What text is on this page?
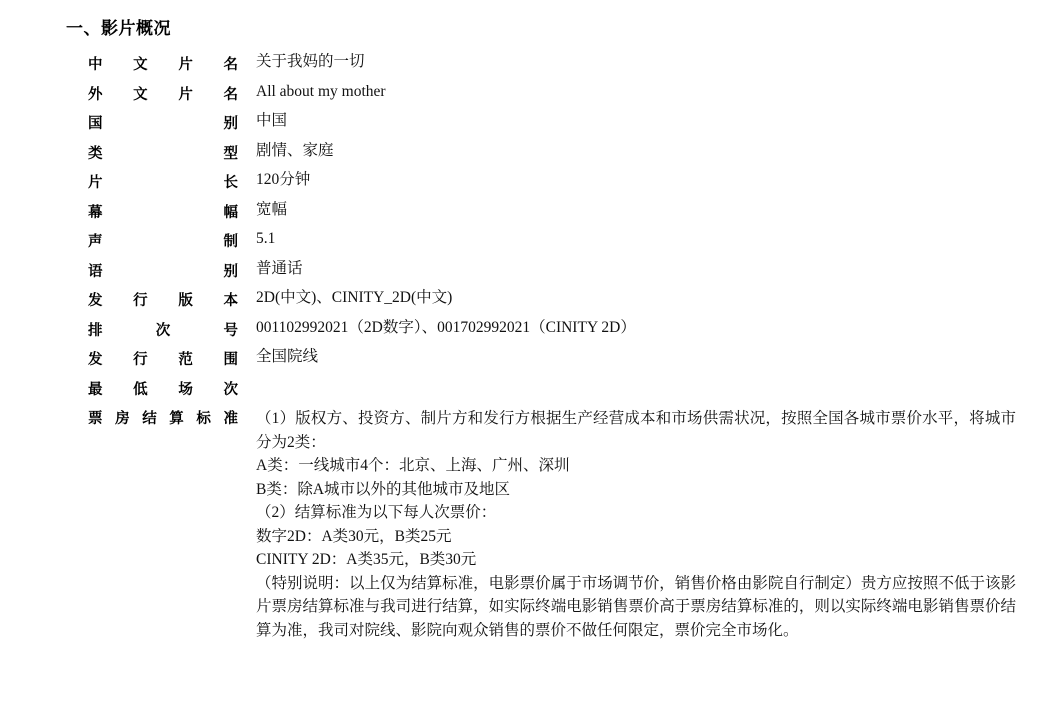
一、影片概况
中文片名	关于我妈的一切

外文片名	All about my mother

国别	中国

类型	剧情、家庭

片长	120分钟

幕幅	宽幅

声制	5.1

语别	普通话

发行版本	2D(中文)、CINITY_2D(中文)

排次号	001102992021（2D数字）、001702992021（CINITY 2D）

发行范围	全国院线

最低场次	

票房结算标准	（1）版权方、投资方、制片方和发行方根据生产经营成本和市场供需状况，按照全国各城市票价水平，将城市分为2类：

A类：一线城市4个：北京、上海、广州、深圳

B类：除A城市以外的其他城市及地区

（2）结算标准为以下每人次票价：

数字2D：A类30元，B类25元

CINITY 2D：A类35元，B类30元

（特别说明：以上仅为结算标准，电影票价属于市场调节价，销售价格由影院自行制定）贵方应按照不低于该影片票房结算标准与我司进行结算，如实际终端电影销售票价高于票房结算标准的，则以实际终端电影销售票价结算为准，我司对院线、影院向观众销售的票价不做任何限定，票价完全市场化。
